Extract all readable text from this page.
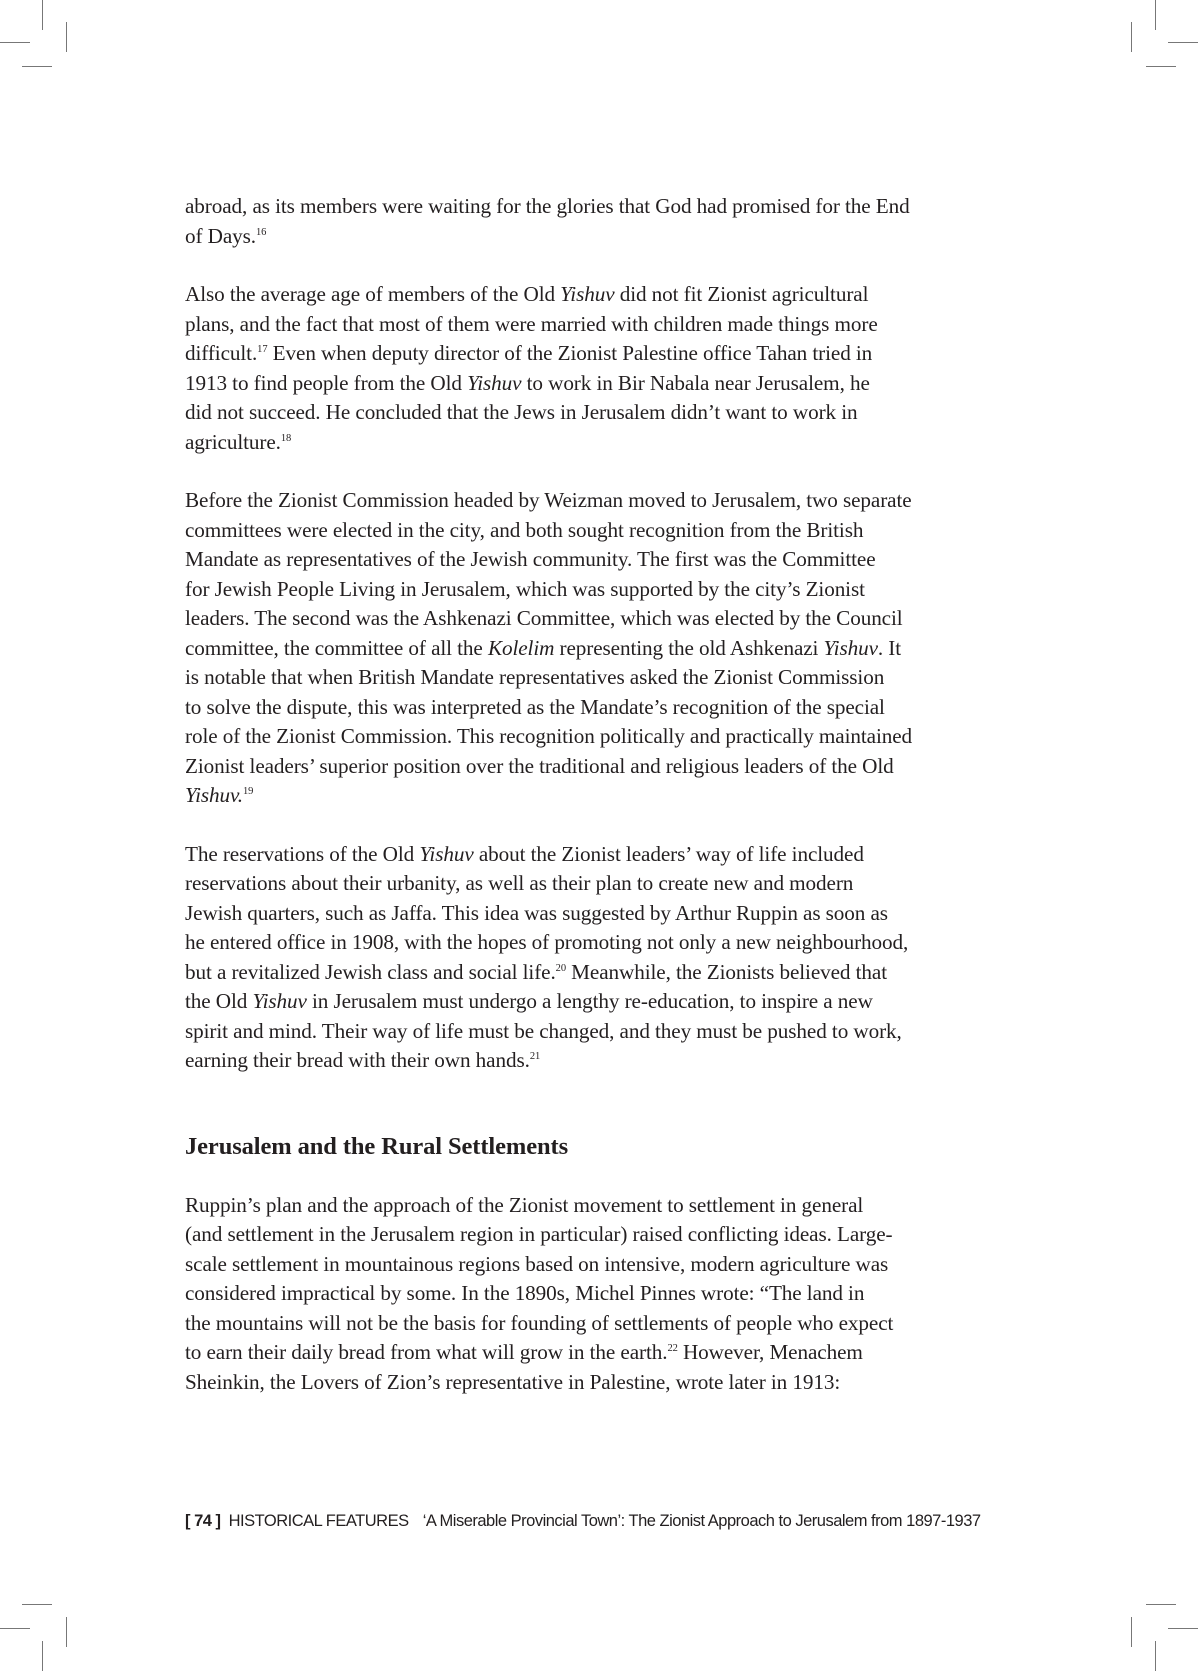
abroad, as its members were waiting for the glories that God had promised for the End
of Days.$^{16}$
Also the average age of members of the Old Yishuv did not fit Zionist agricultural
plans, and the fact that most of them were married with children made things more
difficult.$^{17}$ Even when deputy director of the Zionist Palestine office Tahan tried in
1913 to find people from the Old Yishuv to work in Bir Nabala near Jerusalem, he
did not succeed. He concluded that the Jews in Jerusalem didn’t want to work in
agriculture.$^{18}$
Before the Zionist Commission headed by Weizman moved to Jerusalem, two separate
committees were elected in the city, and both sought recognition from the British
Mandate as representatives of the Jewish community. The first was the Committee
for Jewish People Living in Jerusalem, which was supported by the city’s Zionist
leaders. The second was the Ashkenazi Committee, which was elected by the Council
committee, the committee of all the Kolelim representing the old Ashkenazi Yishuv. It
is notable that when British Mandate representatives asked the Zionist Commission
to solve the dispute, this was interpreted as the Mandate’s recognition of the special
role of the Zionist Commission. This recognition politically and practically maintained
Zionist leaders’ superior position over the traditional and religious leaders of the Old
Yishuv.$^{19}$
The reservations of the Old Yishuv about the Zionist leaders’ way of life included
reservations about their urbanity, as well as their plan to create new and modern
Jewish quarters, such as Jaffa. This idea was suggested by Arthur Ruppin as soon as
he entered office in 1908, with the hopes of promoting not only a new neighbourhood,
but a revitalized Jewish class and social life.$^{20}$ Meanwhile, the Zionists believed that
the Old Yishuv in Jerusalem must undergo a lengthy re-education, to inspire a new
spirit and mind. Their way of life must be changed, and they must be pushed to work,
earning their bread with their own hands.$^{21}$
Jerusalem and the Rural Settlements
Ruppin’s plan and the approach of the Zionist movement to settlement in general
(and settlement in the Jerusalem region in particular) raised conflicting ideas. Large-
scale settlement in mountainous regions based on intensive, modern agriculture was
considered impractical by some. In the 1890s, Michel Pinnes wrote: “The land in
the mountains will not be the basis for founding of settlements of people who expect
to earn their daily bread from what will grow in the earth.$^{22}$ However, Menachem
Sheinkin, the Lovers of Zion’s representative in Palestine, wrote later in 1913:
[ 74 ] HISTORICAL FEATURES ‘A Miserable Provincial Town’: The Zionist Approach to Jerusalem from 1897-1937
